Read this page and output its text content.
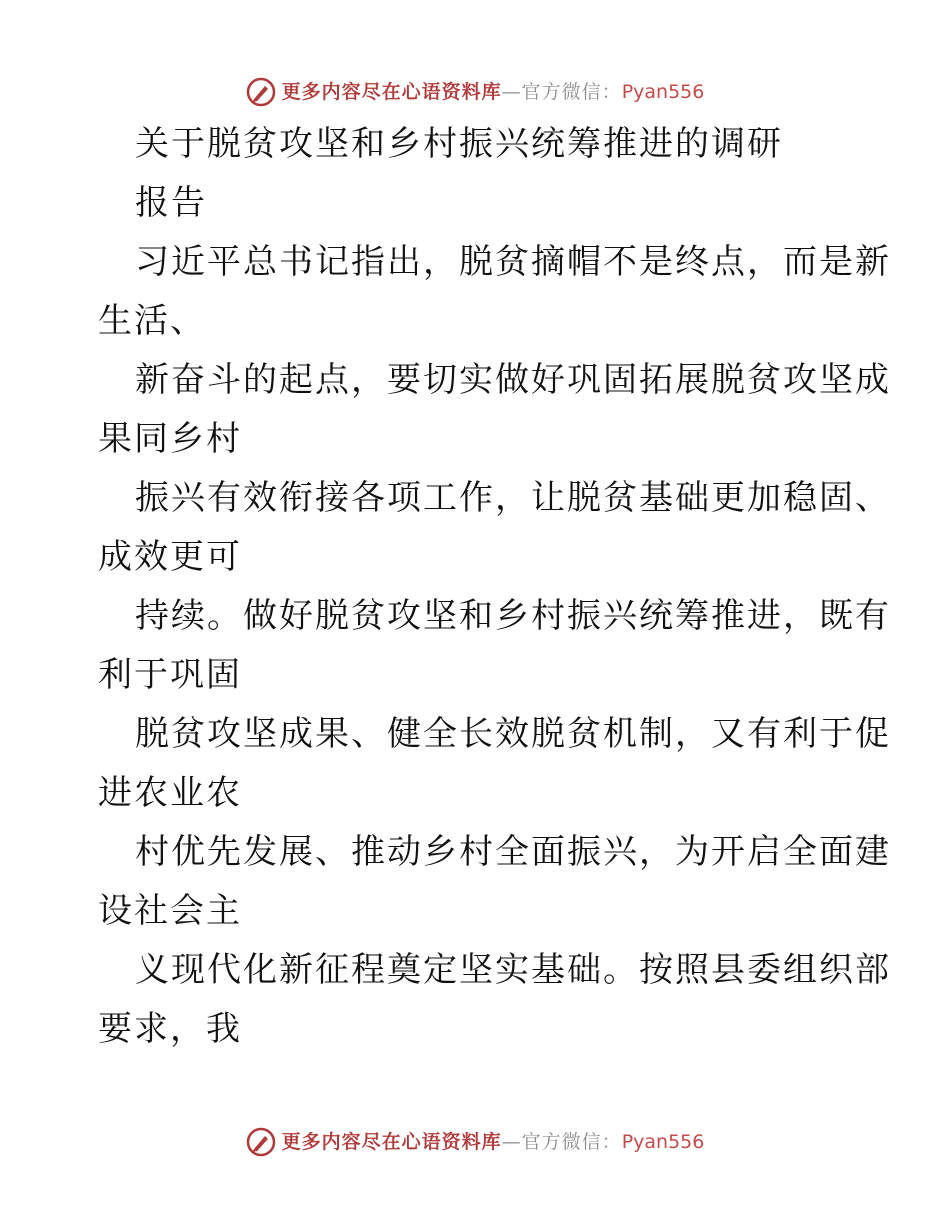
更多内容尽在心语资料库 — 官方微信： Pyan556
关于脱贫攻坚和乡村振兴统筹推进的调研
报告
习近平总书记指出，脱贫摘帽不是终点，而是新
生活、
新奋斗的起点，要切实做好巩固拓展脱贫攻坚成
果同乡村
振兴有效衔接各项工作，让脱贫基础更加稳固、
成效更可
持续。做好脱贫攻坚和乡村振兴统筹推进，既有
利于巩固
脱贫攻坚成果、健全长效脱贫机制，又有利于促
进农业农
村优先发展、推动乡村全面振兴，为开启全面建
设社会主
义现代化新征程奠定坚实基础。按照县委组织部
要求，我
更多内容尽在心语资料库 — 官方微信： Pyan556
